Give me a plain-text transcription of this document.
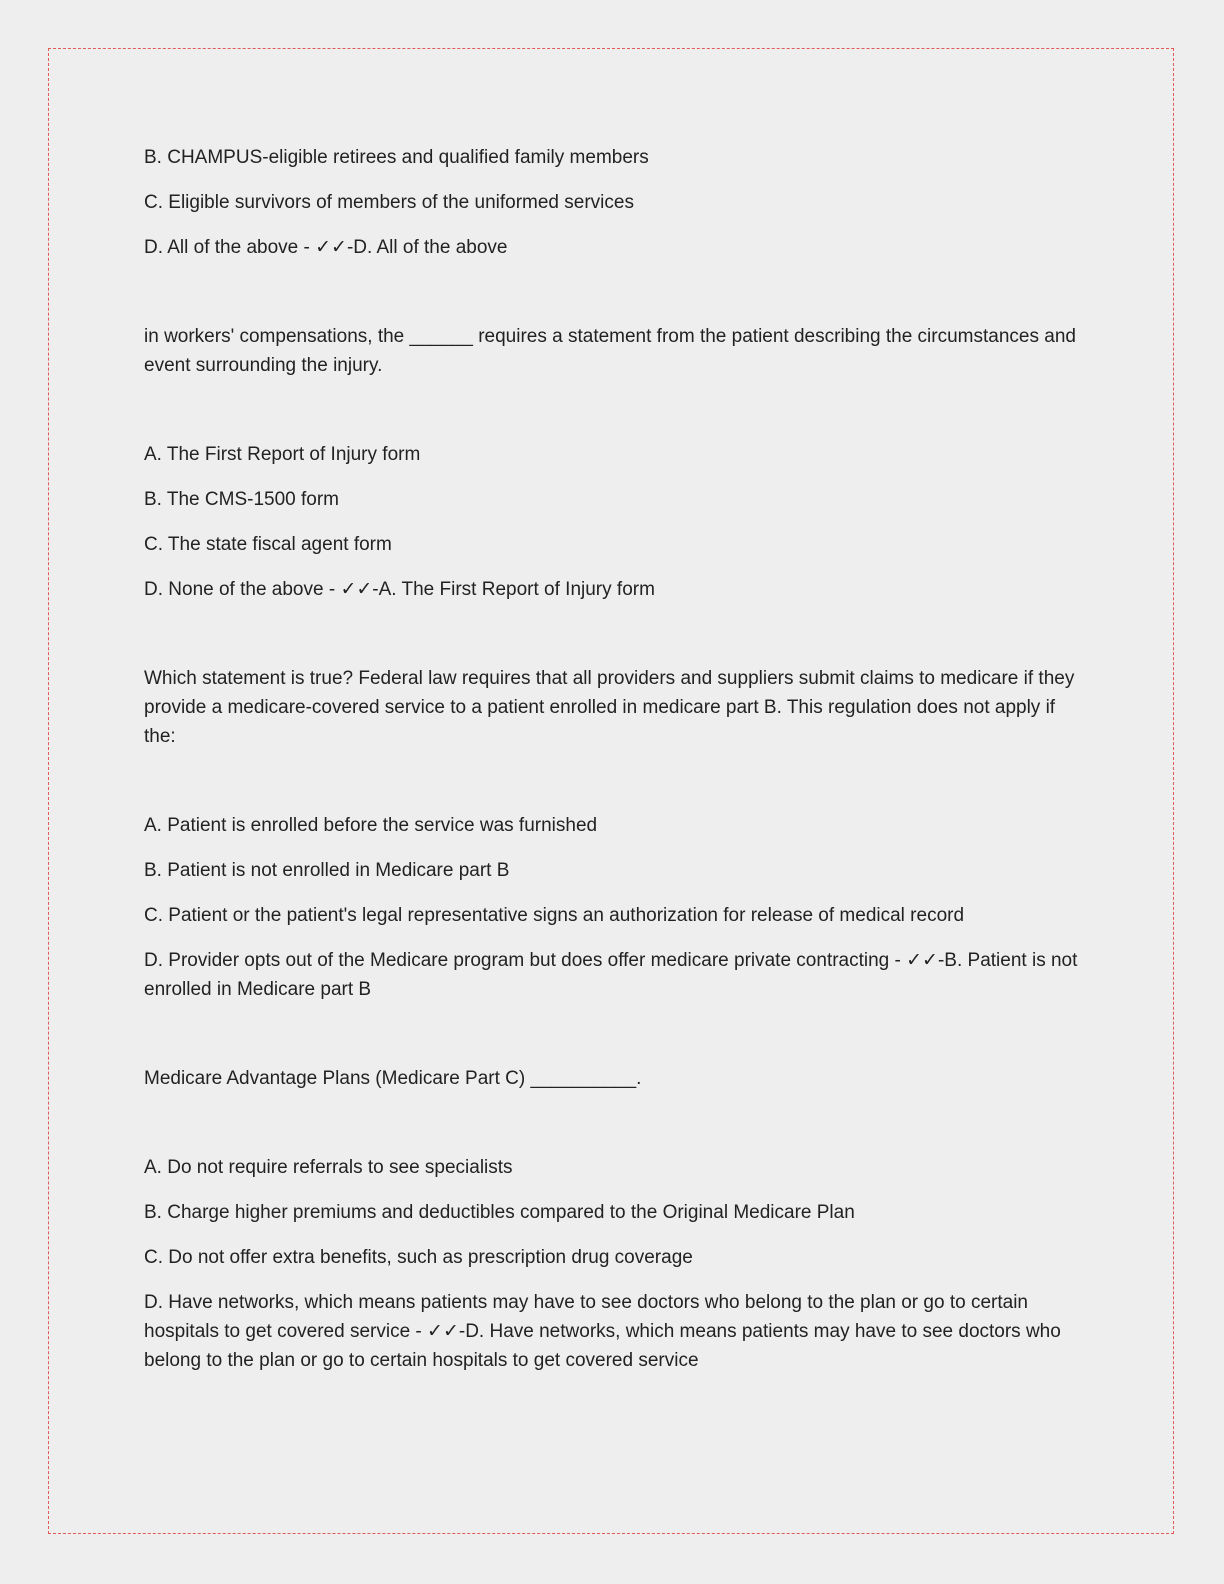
B. CHAMPUS-eligible retirees and qualified family members

C. Eligible survivors of members of the uniformed services

D. All of the above - ✓✓-D. All of the above

in workers' compensations, the ______ requires a statement from the patient describing the circumstances and event surrounding the injury.

A. The First Report of Injury form

B. The CMS-1500 form

C. The state fiscal agent form

D. None of the above - ✓✓-A. The First Report of Injury form

Which statement is true? Federal law requires that all providers and suppliers submit claims to medicare if they provide a medicare-covered service to a patient enrolled in medicare part B. This regulation does not apply if the:

A. Patient is enrolled before the service was furnished

B. Patient is not enrolled in Medicare part B

C. Patient or the patient's legal representative signs an authorization for release of medical record

D. Provider opts out of the Medicare program but does offer medicare private contracting - ✓✓-B. Patient is not enrolled in Medicare part B

Medicare Advantage Plans (Medicare Part C) __________.

A. Do not require referrals to see specialists

B. Charge higher premiums and deductibles compared to the Original Medicare Plan

C. Do not offer extra benefits, such as prescription drug coverage

D. Have networks, which means patients may have to see doctors who belong to the plan or go to certain hospitals to get covered service - ✓✓-D. Have networks, which means patients may have to see doctors who belong to the plan or go to certain hospitals to get covered service
